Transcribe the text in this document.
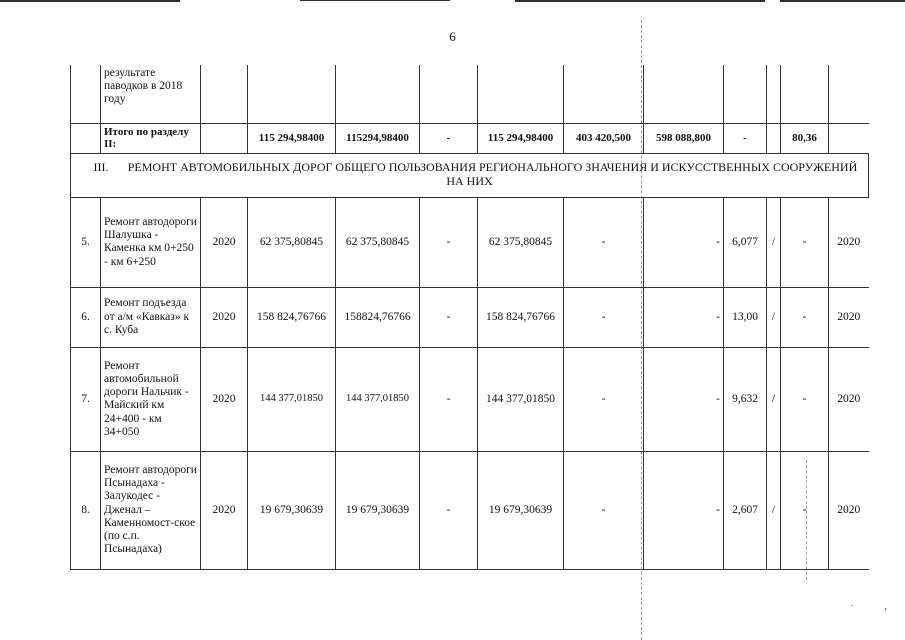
6
	результате паводков в 2018 году											
	Итого по разделу II:		115 294,98400	115294,98400	-	115 294,98400	403 420,500	598 088,800	-		80,36	

III. РЕМОНТ АВТОМОБИЛЬНЫХ ДОРОГ ОБЩЕГО ПОЛЬЗОВАНИЯ РЕГИОНАЛЬНОГО ЗНАЧЕНИЯ И ИСКУССТВЕННЫХ СООРУЖЕНИЙ НА НИХ												
5.	Ремонт автодороги Шалушка - Каменка км 0+250 - км 6+250	2020	62 375,80845	62 375,80845	-	62 375,80845	-	-	6,077	/	-	2020
6.	Ремонт подъезда от а/м «Кавказ» к с. Куба	2020	158 824,76766	158824,76766	-	158 824,76766	-	-	13,00	/	-	2020
7.	Ремонт автомобильной дороги Нальчик - Майский км 24+400 - км 34+050	2020	144 377,01850	144 377,01850	-	144 377,01850	-	-	9,632	/	-	2020
8.	Ремонт автодороги Псынадаха - Залукодес - Дженал – Каменномост-ское (по с.п. Псынадаха)	2020	19 679,30639	19 679,30639	-	19 679,30639	-	-	2,607	/	-	2020
· ,
